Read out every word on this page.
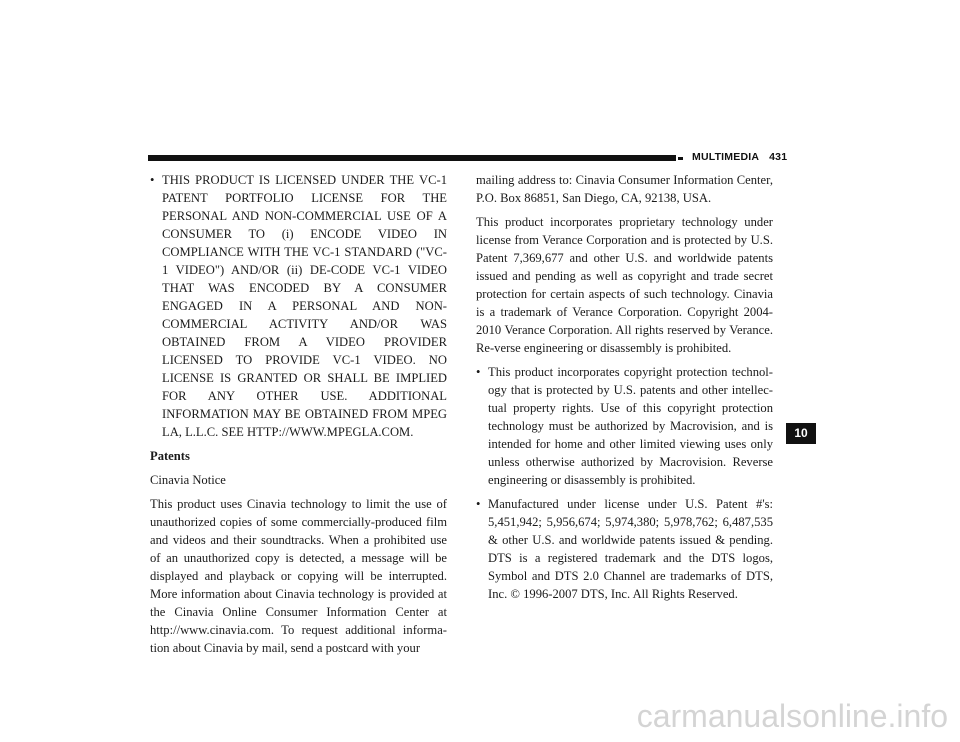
MULTIMEDIA 431
• THIS PRODUCT IS LICENSED UNDER THE VC-1 PATENT PORTFOLIO LICENSE FOR THE PERSONAL AND NON-COMMERCIAL USE OF A CONSUMER TO (i) ENCODE VIDEO IN COMPLIANCE WITH THE VC-1 STANDARD ("VC-1 VIDEO") AND/OR (ii) DE-CODE VC-1 VIDEO THAT WAS ENCODED BY A CONSUMER ENGAGED IN A PERSONAL AND NON-COMMERCIAL ACTIVITY AND/OR WAS OBTAINED FROM A VIDEO PROVIDER LICENSED TO PROVIDE VC-1 VIDEO. NO LICENSE IS GRANTED OR SHALL BE IMPLIED FOR ANY OTHER USE. ADDITIONAL INFORMATION MAY BE OBTAINED FROM MPEG LA, L.L.C. SEE HTTP://WWW.MPEGLA.COM.
Patents

Cinavia Notice

This product uses Cinavia technology to limit the use of unauthorized copies of some commercially-produced film and videos and their soundtracks. When a prohibited use of an unauthorized copy is detected, a message will be displayed and playback or copying will be interrupted. More information about Cinavia technology is provided at the Cinavia Online Consumer Information Center at http://www.cinavia.com. To request additional informa-tion about Cinavia by mail, send a postcard with your

mailing address to: Cinavia Consumer Information Center, P.O. Box 86851, San Diego, CA, 92138, USA.

This product incorporates proprietary technology under license from Verance Corporation and is protected by U.S. Patent 7,369,677 and other U.S. and worldwide patents issued and pending as well as copyright and trade secret protection for certain aspects of such technology. Cinavia is a trademark of Verance Corporation. Copyright 2004-2010 Verance Corporation. All rights reserved by Verance. Re-verse engineering or disassembly is prohibited.

• This product incorporates copyright protection technol-ogy that is protected by U.S. patents and other intellec-tual property rights. Use of this copyright protection technology must be authorized by Macrovision, and is intended for home and other limited viewing uses only unless otherwise authorized by Macrovision. Reverse engineering or disassembly is prohibited.
• Manufactured under license under U.S. Patent #'s: 5,451,942; 5,956,674; 5,974,380; 5,978,762; 6,487,535 & other U.S. and worldwide patents issued & pending. DTS is a registered trademark and the DTS logos, Symbol and DTS 2.0 Channel are trademarks of DTS, Inc. © 1996-2007 DTS, Inc. All Rights Reserved.
10
carmanualsonline.info
